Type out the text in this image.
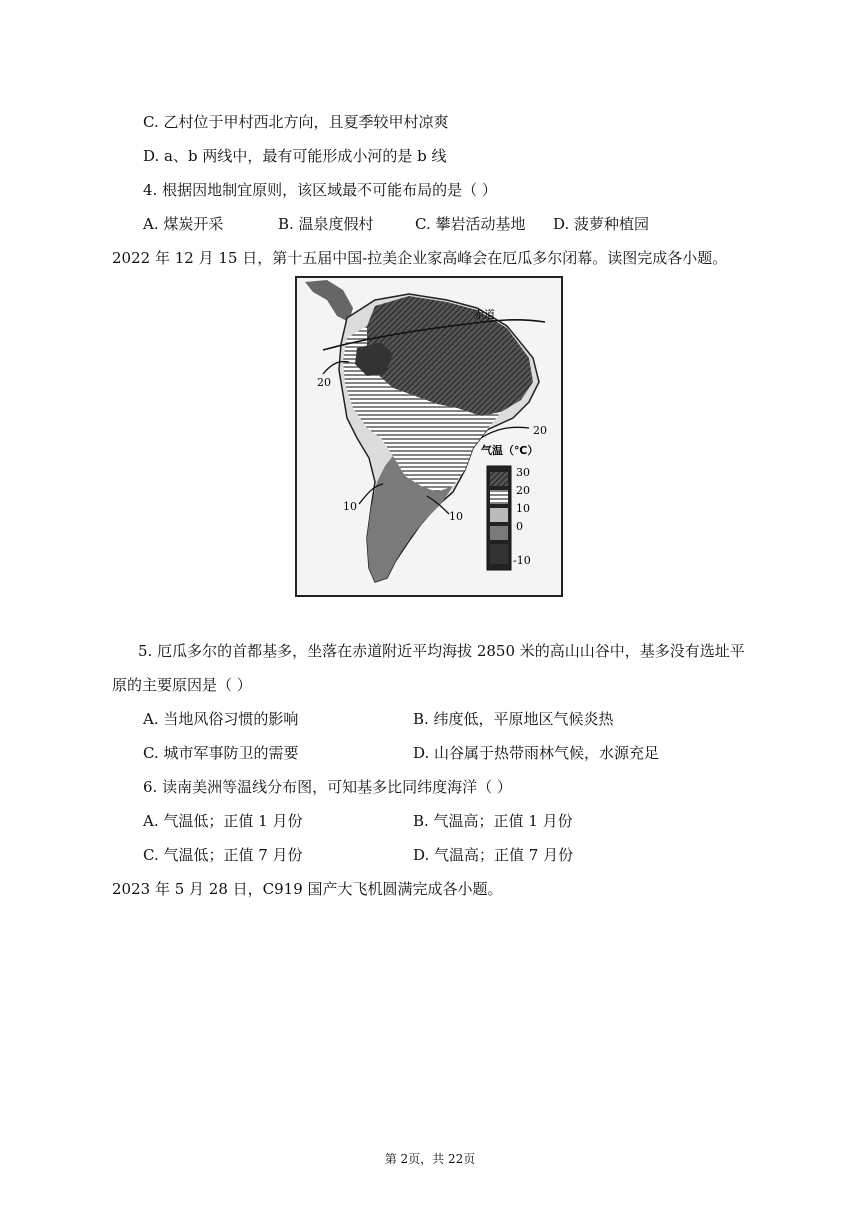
C. 乙村位于甲村西北方向，且夏季较甲村凉爽
D. a、b 两线中，最有可能形成小河的是 b 线
4. 根据因地制宜原则，该区域最不可能布局的是（ ）
A. 煤炭开采	B. 温泉度假村	C. 攀岩活动基地	D. 菠萝种植园
2022 年 12 月 15 日，第十五届中国-拉美企业家高峰会在厄瓜多尔闭幕。读图完成各小题。
赤道
20
20
10
10
气温（℃）
30
20
10
0
-10
5. 厄瓜多尔的首都基多，坐落在赤道附近平均海拔 2850 米的高山山谷中，基多没有选址平
原的主要原因是（ ）
A. 当地风俗习惯的影响	B. 纬度低，平原地区气候炎热
C. 城市军事防卫的需要	D. 山谷属于热带雨林气候，水源充足
6. 读南美洲等温线分布图，可知基多比同纬度海洋（ ）
A. 气温低；正值 1 月份	B. 气温高；正值 1 月份
C. 气温低；正值 7 月份	D. 气温高；正值 7 月份
2023 年 5 月 28 日，C919 国产大飞机圆满完成各小题。
第 2页，共 22页
